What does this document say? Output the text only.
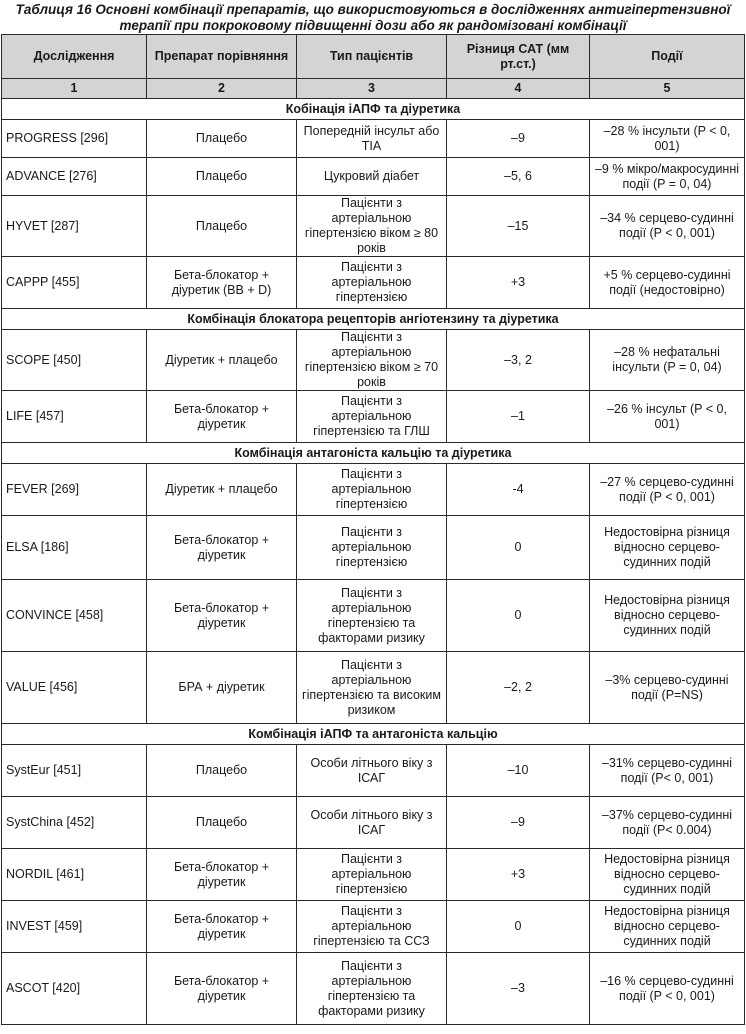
Таблиця 16 Основні комбінації препаратів, що використовуються в дослідженнях антигіпертензивної терапії при покроковому підвищенні дози або як рандомізовані комбінації
Дослідження	Препарат порівняння	Тип пацієнтів	Різниця САТ (мм рт.ст.)	Події
1	2	3	4	5
Кобінація іАПФ та діуретика				
PROGRESS [296]	Плацебо	Попередній інсульт або TIA	–9	–28 % інсульти (P < 0, 001)
ADVANCE [276]	Плацебо	Цукровий діабет	–5, 6	–9 % мікро/макросудинні події (P = 0, 04)
HYVET [287]	Плацебо	Пацієнти з артеріальною гіпертензією віком ≥ 80 років	–15	–34 % серцево-судинні події (P < 0, 001)
CAPPP [455]	Бета-блокатор + діуретик (BB + D)	Пацієнти з артеріальною гіпертензією	+3	+5 % серцево-судинні події (недостовірно)
Комбінація блокатора рецепторів ангіотензину та діуретика				
SCOPE [450]	Діуретик + плацебо	Пацієнти з артеріальною гіпертензією віком ≥ 70 років	–3, 2	–28 % нефатальні інсульти (P = 0, 04)
LIFE [457]	Бета-блокатор + діуретик	Пацієнти з артеріальною гіпертензією та ГЛШ	–1	–26 % інсульт (P < 0, 001)
Комбінація антагоніста кальцію та діуретика				
FEVER [269]	Діуретик + плацебо	Пацієнти з артеріальною гіпертензією	-4	–27 % серцево-судинні події (P < 0, 001)
ELSA [186]	Бета-блокатор + діуретик	Пацієнти з артеріальною гіпертензією	0	Недостовірна різниця відносно серцево-судинних подій
CONVINCE [458]	Бета-блокатор + діуретик	Пацієнти з артеріальною гіпертензією та факторами ризику	0	Недостовірна різниця відносно серцево-судинних подій
VALUE [456]	БРА + діуретик	Пацієнти з артеріальною гіпертензією та високим ризиком	–2, 2	–3% серцево-судинні події (P=NS)
Комбінація іАПФ та антагоніста кальцію				
SystEur [451]	Плацебо	Особи літнього віку з ІСАГ	–10	–31% серцево-судинні події (P< 0, 001)
SystChina [452]	Плацебо	Особи літнього віку з ІСАГ	–9	–37% серцево-судинні події (P< 0.004)
NORDIL [461]	Бета-блокатор + діуретик	Пацієнти з артеріальною гіпертензією	+3	Недостовірна різниця відносно серцево-судинних подій
INVEST [459]	Бета-блокатор + діуретик	Пацієнти з артеріальною гіпертензією та ССЗ	0	Недостовірна різниця відносно серцево-судинних подій
ASCOT [420]	Бета-блокатор + діуретик	Пацієнти з артеріальною гіпертензією та факторами ризику	–3	–16 % серцево-судинні події (P < 0, 001)
